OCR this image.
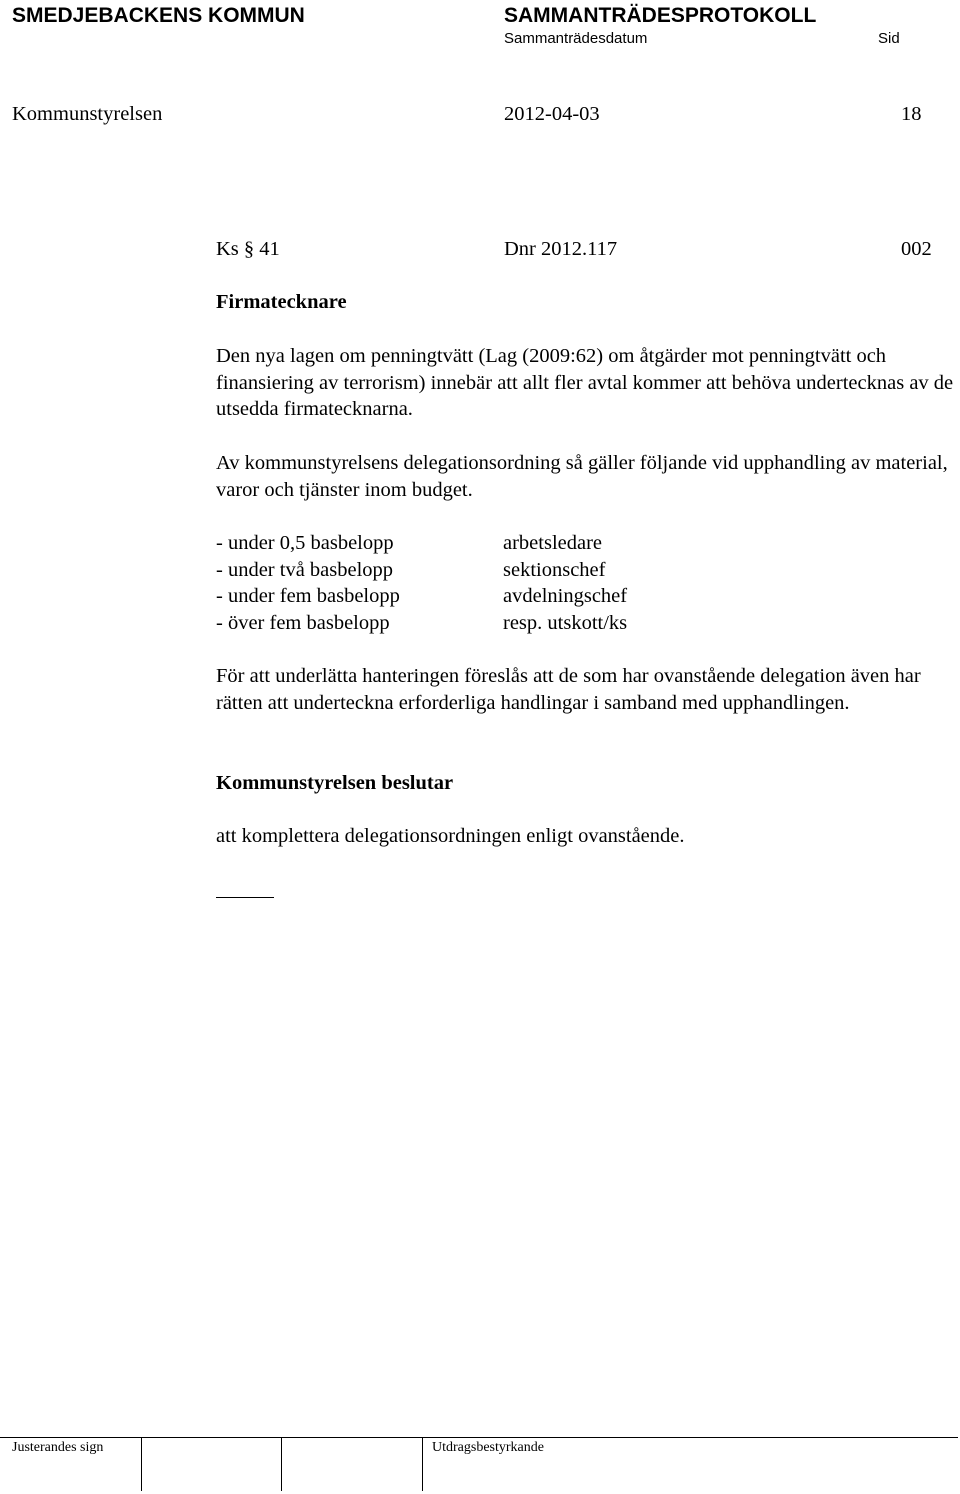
SMEDJEBACKENS KOMMUN	SAMMANTRÄDESPROTOKOLL
Sammanträdesdatum	Sid
Kommunstyrelsen	2012-04-03	18
Ks § 41	Dnr 2012.117	002
Firmatecknare
Den nya lagen om penningtvätt (Lag (2009:62) om åtgärder mot penningtvätt och finansiering av terrorism) innebär att allt fler avtal kommer att behöva undertecknas av de utsedda firmatecknarna.
Av kommunstyrelsens delegationsordning så gäller följande vid upphandling av material, varor och tjänster inom budget.
- under 0,5 basbelopp	arbetsledare
- under två basbelopp	sektionschef
- under fem basbelopp	avdelningschef
- över fem basbelopp	resp. utskott/ks
För att underlätta hanteringen föreslås att de som har ovanstående delegation även har rätten att underteckna erforderliga handlingar i samband med upphandlingen.
Kommunstyrelsen beslutar
att komplettera delegationsordningen enligt ovanstående.
Justerandes sign	Utdragsbestyrkande
